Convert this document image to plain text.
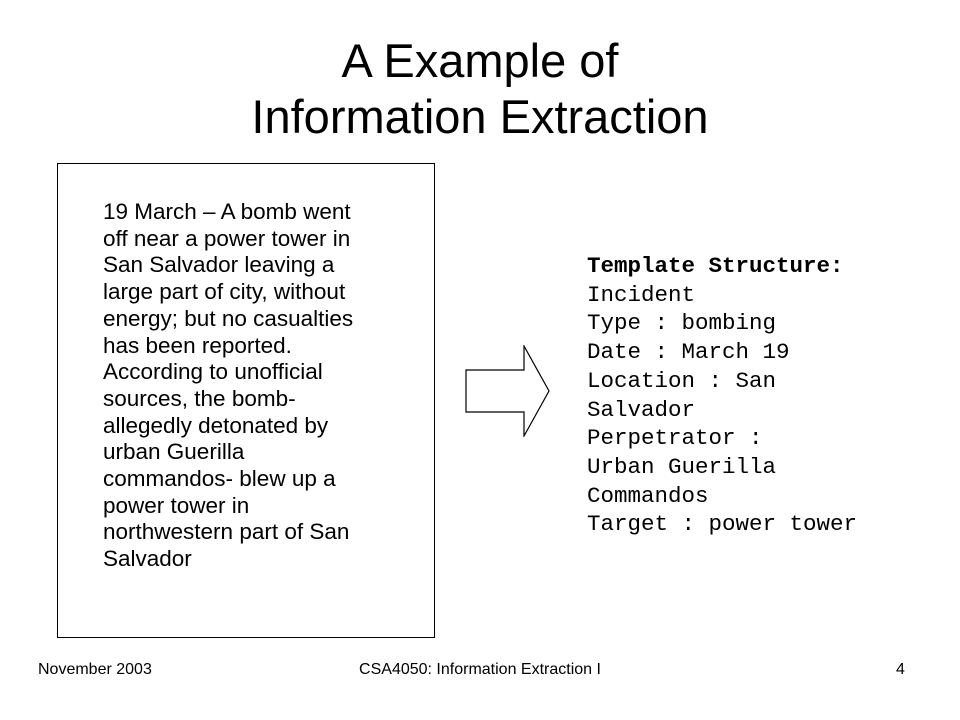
A Example of
Information Extraction
19 March – A bomb went
off near a power tower in
San Salvador leaving a
large part of city, without
energy; but no casualties
has been reported.
According to unofficial
sources, the bomb-
allegedly detonated by
urban Guerilla
commandos- blew up a
power tower in
northwestern part of San
Salvador
Template Structure:
Incident
Type : bombing
Date : March 19
Location : San
Salvador
Perpetrator :
Urban Guerilla
Commandos
Target : power tower
November 2003	CSA4050: Information Extraction I	4
